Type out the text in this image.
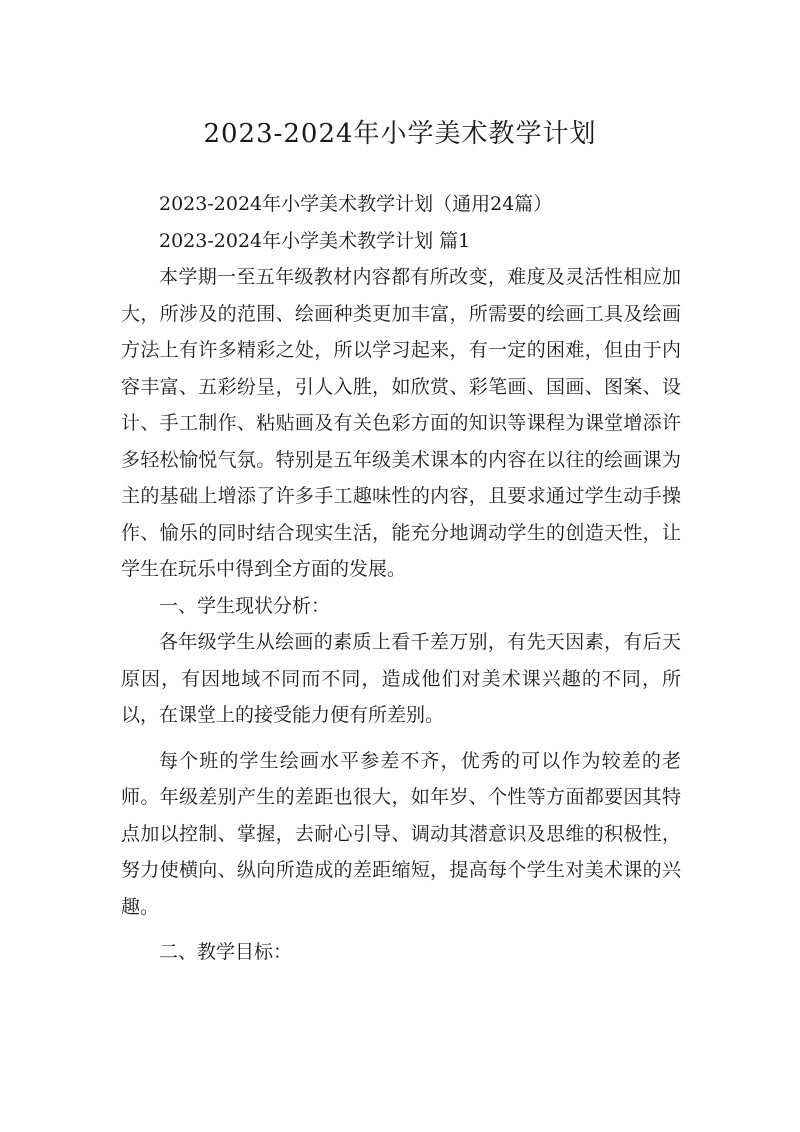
2023-2024年小学美术教学计划

2023-2024年小学美术教学计划（通用24篇）

2023-2024年小学美术教学计划 篇1

本学期一至五年级教材内容都有所改变，难度及灵活性相应加大，所涉及的范围、绘画种类更加丰富，所需要的绘画工具及绘画方法上有许多精彩之处，所以学习起来，有一定的困难，但由于内容丰富、五彩纷呈，引人入胜，如欣赏、彩笔画、国画、图案、设计、手工制作、粘贴画及有关色彩方面的知识等课程为课堂增添许多轻松愉悦气氛。特别是五年级美术课本的内容在以往的绘画课为主的基础上增添了许多手工趣味性的内容，且要求通过学生动手操作、愉乐的同时结合现实生活，能充分地调动学生的创造天性，让学生在玩乐中得到全方面的发展。

一、学生现状分析：

各年级学生从绘画的素质上看千差万别，有先天因素，有后天原因，有因地域不同而不同，造成他们对美术课兴趣的不同，所以，在课堂上的接受能力便有所差别。

每个班的学生绘画水平参差不齐，优秀的可以作为较差的老师。年级差别产生的差距也很大，如年岁、个性等方面都要因其特点加以控制、掌握，去耐心引导、调动其潜意识及思维的积极性，努力使横向、纵向所造成的差距缩短，提高每个学生对美术课的兴趣。

二、教学目标：
